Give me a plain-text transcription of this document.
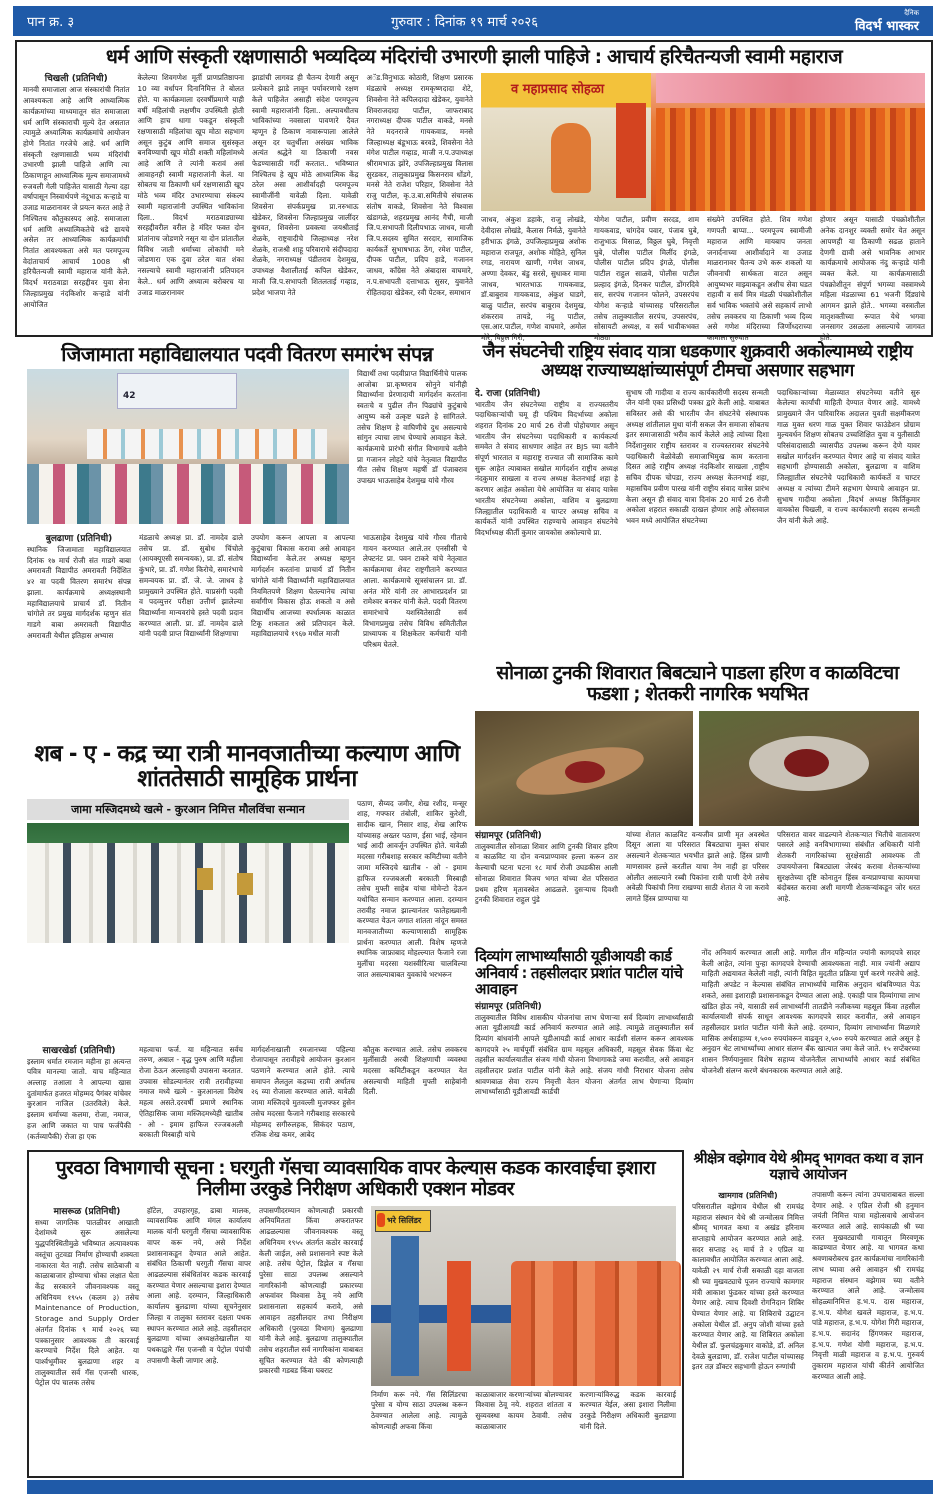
पान क्र. ३	गुरुवार : दिनांक १९ मार्च २०२६
दैनिक
विदर्भ भास्कर
धर्म आणि संस्कृती रक्षणासाठी भव्यदिव्य मंदिरांची उभारणी झाली पाहिजे : आचार्य हरिचैतन्यजी स्वामी महाराज
चिखली (प्रतिनिधी)
मानवी समाजाला आज संस्कारांची नितांत आवश्यकता आहे आणि आध्यात्मिक कार्यक्रमांच्या माध्यमातून संत समाजाला धर्म आणि संस्काराची मूल्ये देत असतात त्यामुळे अध्यात्मिक कार्यक्रमांचे आयोजन होणे नितांत गरजेचे आहे. धर्म आणि संस्कृती रक्षणासाठी भव्य मंदिरांची उभारणी झाली पाहिजे आणि त्या ठिकाणाहून आध्यात्मिक मूल्य समाजामध्ये रुजवली गेली पाहिजेत यासाठी गेल्या दहा वर्षापासून निस्वार्थपणे नंदूभाऊ कऱ्हाडे या उजाड माळरानावर जे प्रयत्न करत आहे ते निश्चितच कौतुकास्पद आहे. समाजाला धर्म आणि अध्यात्मिकतेचे धडे द्यायचे असेल तर आध्यात्मिक कार्यक्रमांची नितांत आवश्यकता असे मत परमपूज्य वेदांताचार्य आचार्य 1008 श्री हरिचैतन्यजी स्वामी महाराज यांनी केले. विदर्भ मराठवाडा सरहद्दीवर युवा सेना जिल्हाप्रमुख नंदकिशोर कऱ्हाडे यांनी आयोजित
केलेल्या शिवगणेश मूर्ती प्राणप्रतिष्ठापना 10 व्या वर्धापन दिनानिमित्त ते बोलत होते. या कार्यक्रमाला दरवर्षीप्रमाणे याही वर्षी महिलांची लक्षणीय उपस्थिती होती आणि हाच धागा पकडून संस्कृती रक्षणासाठी महिलांचा खूप मोठा सहभाग असून कुटुंब आणि समाज सुसंस्कृत बनविण्याची खूप मोठी शक्ती महिलांमध्ये आहे आणि ते त्यांनी करावं असं आवाहनही स्वामी महाराजांनी केलं. या सोबतच या ठिकाणी धर्म रक्षणासाठी खूप मोठे भव्य मंदिर उभारण्याचा संकल्प स्वामी महाराजांनी उपस्थित भाविकांना दिला.. विदर्भ मराठवाड्याच्या सरहद्दीवरील वरील हे मंदिर फक्त दोन प्रांतांनाच जोडणारे नसून या दोन प्रांतातील विविध जाती धर्माच्या लोकांची मने जोडणारा एक दुवा ठरेल यात शंका नसल्याचे स्वामी महाराजांनी प्रतिपादन केले.. धर्म आणि अध्यात्म बरोबरच या उजाड माळरानावर
झाडांची लागवड ही चैतन्य देणारी असून प्रत्येकाने झाडे लावून पर्यावरणाचे रक्षण केले पाहिजेत असाही संदेश परमपूज्य स्वामी महाराजांनी दिला.. अल्पावधीतच भाविकांच्या नवसाला पावणारे दैवत म्हणून हे ठिकाण नावारूपाला आलेले असून दर चतुर्थीला असंख्य भाविक अत्यंत श्रद्धेने या ठिकाणी नवस फेडण्यासाठी गर्दी करतात.. भविष्यात निश्चितच हे खूप मोठे आध्यात्मिक केंद्र ठरेल असा आशीर्वादही परमपूज्य स्वामीजींनी यावेळी दिला. यावेळी शिवसेना संपर्कप्रमुख प्रा.नरुभाऊ खेडेकर, शिवसेना जिल्हाप्रमुख जालींदर बुधवत, शिवसेना प्रवक्त्या जयश्रीताई शेळके, राष्ट्रवादीचे जिल्हाध्यक्ष नरेश शेळके, राजश्री शाहू परिवाराचे संदीपदादा शेळके, नगराध्यक्ष पंडीतराव देशमुख, उपाध्यक्ष वैशालीताई कपिल खेडेकर, माजी जि.प.सभापती शितलताई गव्हाड, प्रदेश भाजपा नेते
अॅड.विनुभाऊ कोठारी, शिक्षण प्रसारक मंडळाचे अध्यक्ष रामकृष्णदादा शेटे, शिवसेना नेते कपिलदादा खेडेकर, युवानेते शिवराजदादा पाटील, जाफराबाद नगराध्यक्ष दीपक पाटील वाकडे, मनसे नेते मदनराजे गायकवाड, मनसे जिल्हाध्यक्ष बंडूभाऊ बरवडे, शिवसेना नेते मंगेश पाटील गव्हाड, माजी न.प.उपाध्यक्ष श्रीरामभाऊ झोरे, उपजिल्हाप्रमुख विलास सुरडकर, तालुकाप्रमुख किसनराव धोंडगे, मनसे नेते राजेश परिहार, शिवसेना नेते राजु पाटील, कृ.उ.बा.समितीचे संचालक संतोष वाकडे, शिवसेना नेते विश्वास खंडागळे, शहरप्रमुख आनंद गैची, माजी जि.प.सभापती दिलीपभाऊ जाधव, माजी जि.प.सदस्य सुमित सरदार, सामाजिक कार्यकर्ते सुभाषभाऊ ठेंग, रमेश पाटील, दीपक पाटील, प्रदिप हाडे, गजानन जाधव, काँग्रेस नेते अंबादास वाघमारे, न.प.सभापती दत्ताभाऊ सुसर, युवानेते रोहितदादा खेडेकर, रवी पेटकर, समाधान
व महाप्रसाद सोहळा
जाधव, अंकुश डहाके, राजु लोखंडे, देवीदास लोखंडे, कैलास निर्मळे, युवानेते हरीभाऊ इंगळे, उपजिल्हाप्रमुख अशोक महाराज राजपूत, अशोक मोहिते, सुनिल रगड, नारायण खाणी, गणेश जाधव, अण्णा देवकर, बंडु सरसे, सुधाकर मामा जाधव, भारतभाऊ गायकवाड, डॉ.बाबुराव गायकवाड, अंकुश घाडगे, बाळु पाटील, सरपंच बाबुराव देशमुख, शंकरराव तायडे, नंदु पाटील, एस.आर.पाटील, गणेश वाघमारे, अमोल मोरे, विठ्ठल गिरी,
योगेश पाटील, प्रवीण सरदड, शाम गायकवाड, चांगदेव पवार, पंजाब घुबे, राजुभाऊ मिसाळ, विठ्ठल घुबे, निवृत्ती घुबे, पोलीस पाटील मिलींद इंगळे, पोलीस पाटील प्रदिप इंगळे, पोलीस पाटील राहुल साळवे, पोलीस पाटील प्रल्हाद इंगळे, दिनकर पाटील, डोंगरदिवे सर, सरपंच गजानन फोलने, उपसरपंच योगेश कऱ्हाडे यांच्यासह परिसरातील तसेच तालुक्यातील सरपंच, उपसरपंच, सोसायटी अध्यक्ष, व सर्व भावीकभक्त मोठ्या
संख्येने उपस्थित होते. शिव गणेश गणपती बाप्पा... परमपूज्य स्वामीजी महाराज आणि मायबाप जनता जनार्दनाच्या आशीर्वादाने या उजाड माळरानावर चैतन्य उभे करू शकलो या जीवनाची सार्थकता वाटत असून आयुष्यभर माझ्याकडून अशीच सेवा घडत राहावी व सर्व मित्र मंडळी पंचक्रोशीतील सर्व भाविक भक्तांचे असे सहकार्य लाभो तसेच लवकरच या ठिकाणी भव्य दिव्य असे गणेश मंदिराच्या जिर्णोध्दराच्या कामाला सुरुवात
होणार असून यासाठी पंचक्रोशीतील अनेक दानशुर व्यक्ती समोर येत असून आपणही या ठिकाणी सढळ हाताने देणगी द्यावी असे भावनिक आभार कार्यक्रमाचे आयोजक नंदु कऱ्हाडे यांनी व्यक्त केले. या कार्यक्रमासाठी पंचक्रोशीतून संपूर्ण भगव्या वस्त्रामध्ये महिला मंडळाच्या 61 भजनी दिंड्यांचे आगमन झाले होते.. भगव्या वस्त्रातील मातृशक्तीच्या रूपात येथे भगवा जनसागर उसळला असल्याचे जागवत होते.
जिजामाता महाविद्यालयात पदवी वितरण समारंभ संपन्न
42
विद्यार्थी तथा पदवीप्राप्त विद्यार्थिनीचे पालक आजोबा प्रा.कृष्णराव सोनुने यांनीही विद्यार्थ्यांना प्रेरणादायी मार्गदर्शन करतांना स्वतःचे व पुढील तीन पिढ्यांचे कुटुंबाचे आयुष्य कसे उत्कृष्ट घडले हे सांगितले. तसेच शिक्षण हे वाघिणीचे दुध असल्याचे सांगुन त्याचा लाभ घेण्याचे आवाहन केले. कार्यक्रमाचे प्रारंभी संगीत विभागाचे वतीने प्रा गजानन लोहटे यांचे नेतृत्वात विद्यापीठ गीत तसेच शिक्षण महर्षी डॉ पंजाबराव उपाख्य भाऊसाहेब देशमुख यांचे गौरव
बुलढाणा (प्रतिनिधी)
स्थानिक जिजामाता महाविद्यालयात दिनांक १७ मार्च रोजी संत गाडगे बाबा अमरावती विद्यापीठ अमरावती निर्देशित ४२ वा पदवी वितरण समारंभ संपन्न झाला. कार्यक्रमाचे अध्यक्षस्थानी महाविद्यालयाचे प्राचार्य डॉ. नितीन चांगोले तर प्रमुख मार्गदर्शक म्हणुन संत गाडगे बाबा अमरावती विद्यापीठ अमरावती येथील इतिहास अभ्यास
मंडळाचे अध्यक्ष प्रा. डॉ. नामदेव ढाले तसेच प्रा. डॉ. सुबोध चिंचोले (आयक्यूएसी समन्वयक), प्रा. डॉ. संतोष कुंभारे, प्रा. डॉ. गणेश किरोचे, समारंभाचे समन्वयक प्रा. डॉ. जे. जे. जाधव हे प्रामुख्याने उपस्थित होते. याप्रसंगी पदवी व पदव्युत्तर परीक्षा उत्तीर्ण झालेल्या विद्यार्थ्यांना मान्यवरांचे हस्ते पदवी प्रदान करण्यात आली. प्रा. डॉ. नामदेव ढाले यांनी पदवी प्राप्त विद्यार्थ्यांनी शिक्षणाचा
उपयोग करून आपला व आपल्या कुटुंबाचा विकास करावा असे आवाहन विद्यार्थ्यांना केले.तर अध्यक्ष म्हणुन मार्गदर्शन करतांना प्राचार्य डॉ नितीन चांगोले यांनी विद्यार्थ्यांनी महाविद्यालयात नियमितपणे शिक्षण घेतल्यानेच त्यांचा सर्वांगीण विकास होऊ शकतो व असे विद्यार्थीच आजच्या स्पर्धात्मक काळात टिकू शकतात असे प्रतिपादन केले. महाविद्यालयाचे १९६७ मधील माजी
भाऊसाहेब देशमुख यांचे गौरव गीताचे गायन करण्यात आले.तर एनसीसी चे लेफ्टनंट प्रा. पवन टाकरे यांचे नेतृत्वात कार्यक्रमाचा शेवट राष्ट्रगीताने करण्यात आला. कार्यक्रमाचे सूत्रसंचालन प्रा. डॉ. अनंत मोरे यांनी तर आभारप्रदर्शन प्रा रामेश्वर बनकर यांनी केले. पदवी वितरण समारंभाचे यशस्वितेसाठी सर्व विभागप्रमुख तसेच विविध समितीतील प्राध्यापक व शिक्षकेतर कर्मचारी यांनी परिश्रम घेतले.
जैन संघटनेची राष्ट्रिय संवाद यात्रा धडकणार शुक्रवारी अकोल्यामध्ये राष्ट्रीय अध्यक्ष राज्याध्यक्षांच्यासंपूर्ण टीमचा असणार सहभाग
दे. राजा (प्रतिनिधी)
भारतीय जैन संघटनेच्या राष्ट्रीय व राज्यस्तरीय पदाधिकाऱ्यांची चमू ही पश्चिम विदर्भाच्या अकोला शहरात दिनांक 20 मार्च 26 रोजी पोहोचणार असून भारतीय जैन संघटनेच्या पदाधिकारी व कार्यकर्त्या समवेत ते संवाद साधणार आहेत तर BJS च्या वतीने संपूर्ण भारतात व महाराष्ट्र राज्यात जी सामाजिक कामे सुरू आहेत त्याबाबत सखोल मार्गदर्शन राष्ट्रीय अध्यक्ष नंदकुमार साखला व राज्य अध्यक्ष केतनभाई शहा हे करणार आहेत अकोला येथे आयोजित या संवाद यात्रेस भारतीय संघटनेच्या अकोला, वाशिम व बुलढाणा जिल्ह्यातील पदाधिकारी व चाप्टर अध्यक्ष सचिव व कार्यकर्ते यांनी उपस्थित राहण्याचे आवाहन संघटनेचे विदर्भाध्यक्ष कीर्ती कुमार जायकोस अकोल्याचे प्रा.
सुभाष जी गादीया व राज्य कार्यकारीणी सदस्य सन्मती जैन यांनी एका प्रसिध्दी पत्रका द्वारे केली आहे. याबाबत सविस्तर असे की भारतीय जैन संघटनेचे संस्थापक अध्यक्ष शांतीलाल मुथा यांनी सकल जैन समाजा सोबतच इतर समाजासाठी भरीव कार्य केलेले आहे त्यांच्या दिशा निर्देशानुसार राष्ट्रीय स्तरावर व राज्यस्तरावर संघटनेचे पदाधिकारी वेळोवेळी समाजाभिमुख काम करताना दिसत आहे राष्ट्रीय अध्यक्ष नंदकिशोर साखला ,राष्ट्रीय सचिव दीपक चोपडा, राज्य अध्यक्ष केतनभाई शहा, महासचिव प्रवीण पारख यांनी राष्ट्रीय संवाद यात्रेस प्रारंभ केला असून ही संवाद यात्रा दिनांक 20 मार्च 26 रोजी अकोला शहरात सकाळी दाखल होणार आहे ओस्तवाल भवन मध्ये आयोजित संघटनेच्या
पदाधिकाऱ्यांच्या मेळाव्यात संघटनेच्या वतीने सुरु केलेल्या कार्यांची माहिती देण्यात येणार आहे. यामध्ये प्रामुख्याने जैन पारिवारिक अदालत युवती सक्षमीकरण गाळ मुक्त धरण गाळ युक्त शिवार फाउंडेशन प्रोग्राम मुल्यवर्धन शिक्षण सोबतच उच्चशिक्षित युवा व युतीसाठी परिसंवादासाठी व्यासपीठ उपलब्ध करून देणे यावर सखोल मार्गदर्शन करण्यात येणार आहे या संवाद यात्रेत सहभागी होण्यासाठी अकोला, बुलढाणा व वाशिम जिल्ह्यातील संघटनेचे पदाधिकारी कार्यकर्ते व चाप्टर अध्यक्ष व त्यांच्या टीमने सहभाग घेण्याचे आवाहन प्रा. सुभाष गादीया अकोला ,विदर्भ अध्यक्ष किर्तिकुमार वायकोस चिखली, व राज्य कार्यकारणी सदस्य सन्मती जैन यांनी केले आहे.
सोनाळा टुनकी शिवारात बिबट्याने पाडला हरिण व काळविटचा फडशा ; शेतकरी नागरिक भयभित
संग्रामपूर (प्रतिनिधी)
तालुक्यातील सोनाळा शिवार आणि टुनकी शिवार हरिण व काळविट या दोन वन्यप्राण्यावर हल्ला करून ठार केल्याची घटना घटना १८ मार्च रोजी उघडकीस आली सोनाळा शिवारात विजय भगत यांच्या शेत परिसरात प्रथम हरिण मृतावस्थेत आढळले. दुसऱ्याच दिवशी टुनकी शिवारात राहुल पुंडे
यांच्या शेतात काळविट वन्यजीव प्राणी मृत अवस्थेत दिसून आला या परिसरात बिबट्याचा मुक्त संचार असल्याने शेतकऱ्यात भयभीत झाले आहे. हिंस्त्र प्राणी माणसावर हल्ले करतील याचा नेम नाही हा परिसर ओलीत असल्याने रब्बी पिकांना रात्री पाणी देणे तसेच अवेळी पिकांची निगा राखण्या साठी शेतात ये जा करावे लागते हिंस्त्र प्राण्याचा या
परिसरात वावर वाढल्याने शेतकऱ्यात भितीचे वातावरण पसरले आहे वनविभागाच्या संबंधीत अधिकारी यांनी शेतकरी नागरिकांच्या सुरक्षेसाठी आवश्यक ती उपाययोजना बिबट्याला जेरबंद करावा शेतकऱ्यांच्या सुरक्षतेच्या दृष्टि कोनातुन हिंस्त्र वन्यप्राण्याचा कायमचा बंदोबस्त करावा अशी मागणी शेतकऱ्यांकडून जोर धरत आहे.
शब - ए - कद्र च्या रात्री मानवजातीच्या कल्याण आणि शांततेसाठी सामूहिक प्रार्थना
जामा मस्जिदमध्ये खत्मे - कुरआन निमित्त मौलविंचा सन्मान	पठाण, सैय्यद जमीर, शेख रशीद, मन्सूर शाह, गफ्फार तंबोली, शाकिर कुरेशी, सादीक खान, निसार शाह, शेख आरिफ यांच्यासह अख्तर पठाण, ईसा भाई, रहेमान भाई आदी आवर्जून उपस्थित होते. यावेळी मदरसा गरीबशाह सरकार कमिटीच्या वतीने जामा मस्जिदचे खातीब - ओ - इमाम हाफिज रज्जबअली बरकाती मिस्बाही तसेच मुफ्ती साहेब यांचा मोमेन्टो देऊन यथोचित सन्मान करण्यात आला. दरम्यान तरावीह नमाज झाल्यानंतर फातेहाख्वानी करण्यात येऊन जगात शांतता नांदून समस्त मानवजातीच्या कल्याणासाठी सामूहिक प्रार्थना करण्यात आली. विशेष म्हणजे स्थानिक जाफ्राबाद मोहल्ल्यात फैजाने रजा मुलींचा मदरसा यशस्वीरित्या चालविल्या जात असल्याबाबत युवकांचे भरभरून
साखरखेर्डा (प्रतिनिधी)
इस्लाम धर्मात रमजान महीना हा अत्यन्त पवित्र मानल्या जातो. याच महिन्यात अल्लाह तआला ने आपल्या खास दुतांमार्फत हजरत मोहम्मद पैगंबर यांचेवर कुरआन नाजिल (उतरविले) केले. इस्लाम धर्माच्या कलमा, रोजा, नमाज, हज आणि जकात या पाच फर्जपैकी (कर्तव्यापैकी) रोजा हा एक
महत्वाचा फर्ज. या महिन्यात सर्वच तरुण, अबाल - वृद्ध पुरुष आणि महीला रोजा ठेऊन अल्लाहची उपासना करतात. उपवास सोडल्यानंतर रात्री तरावीहच्या नमाज मध्ये खत्मे - कुरआनला विशेष महत्व असते.दरवर्षी प्रमाणे स्थानिक ऐतिहासिक जामा मस्जिदमध्येही खातीब - ओ - इमाम हाफिज रज्जबअली बरकाती मिस्बाही यांचे
मार्गदर्शनाखाली रमजानच्या पहिल्या रोजापासून तरावीहचे आयोजन कुरआन पठणाने करण्यात आले होते. त्याचे समापन लैलतुल कद्रच्या रात्री अर्थातच २६ व्या रोजाला करण्यात आले. यावेळी जामा मस्जिदचे मुतवल्ली मुजफ्फर हुसेन तसेच मदरसा फैजाने गरीबशाह सरकारचे मोहम्मद सगीरुलहक, सिकंदर पठाण, रजिक शेख कमर, आबेद
कौतुक करण्यात आले. तसेच लवकरच मुलींसाठी अरबी शिक्षणाची व्यवस्था मदरसा कमिटीकडून करण्यात येत असल्याची माहिती मुफ्ती साहेबांनी दिली.
दिव्यांग लाभार्थ्यांसाठी यूडीआयडी कार्ड अनिवार्य : तहसीलदार प्रशांत पाटील यांचे आवाहन
संग्रामपूर (प्रतिनिधी)
तालुक्यातील विविध शासकीय योजनांचा लाभ घेणाऱ्या सर्व दिव्यांग लाभार्थ्यांसाठी आता यूडीआयडी कार्ड अनिवार्य करण्यात आले आहे. त्यामुळे तालुक्यातील सर्व दिव्यांग बांधवांनी आपले यूडीआयडी कार्ड आधार कार्डशी संलग्न करून आवश्यक कागदपत्रे २५ मार्चपूर्वी संबंधित ग्राम महसूल अधिकारी, महसूल सेवक किंवा थेट तहसील कार्यालयातील संजय गांधी योजना विभागाकडे जमा करावीत, असे आवाहन तहसीलदार प्रशांत पाटील यांनी केले आहे. संजय गांधी निराधार योजना तसेच श्रावणबाळ सेवा राज्य निवृत्ती वेतन योजना अंतर्गत लाभ घेणाऱ्या दिव्यांग लाभार्थ्यांसाठी यूडीआयडी कार्डची
नोंद अनिवार्य करण्यात आली आहे. मागील तीन महिन्यांत ज्यांनी कागदपत्रे सादर केली आहेत, त्यांना पुन्हा कागदपत्रे देण्याची आवश्यकता नाही. मात्र ज्यांनी अद्याप माहिती अद्ययावत केलेली नाही, त्यांनी विहित मुदतीत प्रक्रिया पूर्ण करणे गरजेचे आहे. माहिती अपडेट न केल्यास संबंधित लाभार्थ्यांचे मासिक अनुदान थांबविण्यात येऊ शकते, असा इशाराही प्रशासनाकडून देण्यात आला आहे. एकाही पात्र दिव्यांगाचा लाभ खंडित होऊ नये, यासाठी सर्व लाभार्थ्यांनी तातडीने नजीकच्या महसूल किंवा तहसील कार्यालयाशी संपर्क साधून आवश्यक कागदपत्रे सादर करावीत, असे आवाहन तहसीलदार प्रशांत पाटील यांनी केले आहे. दरम्यान, दिव्यांग लाभार्थ्यांना मिळणारे मासिक अर्थसाहाय्य १,५०० रुपयांवरून वाढवून २,५०० रुपये करण्यात आले असून हे अनुदान थेट लाभार्थ्यांच्या आधार संलग्न बँक खात्यात जमा केले जाते. १५ सप्टेंबरच्या शासन निर्णयानुसार विशेष सहाय्य योजनेतील लाभार्थ्यांचे आधार कार्ड संबंधित योजनेशी संलग्न करणे बंधनकारक करण्यात आले आहे.
पुरवठा विभागाची सूचना : घरगुती गॅसचा व्यावसायिक वापर केल्यास कडक कारवाईचा इशारा निलीमा उरकुडे निरीक्षण अधिकारी एक्शन मोडवर
मासरूळ (प्रतिनिधी)
सध्या जागतिक पातळीवर आखाती देशांमध्ये सुरू असलेल्या युद्धपरिस्थितीमुळे भविष्यात अत्यावश्यक वस्तूंचा तुटवडा निर्माण होण्याची शक्यता नाकारता येत नाही. तसेच साठेबाजी व काळाबाजार होण्याचा धोका लक्षात घेता केंद्र सरकारने जीवनावश्यक वस्तू अधिनियम १९५५ (कलम ३) तसेच Maintenance of Production, Storage and Supply Order अंतर्गत दिनांक ९ मार्च २०२६ च्या पत्रकानुसार आवश्यक ती कारवाई करण्याचे निर्देश दिले आहेत. या पार्श्वभूमीवर बुलढाणा शहर व तालुक्यातील सर्व गॅस एजन्सी धारक, पेट्रोल पंप चालक तसेच
हॉटेल, उपहारगृह, ढाबा मालक, व्यावसायिक आणि मंगल कार्यालय मालक यांनी घरगुती गॅसचा व्यावसायिक वापर करू नये, असे निर्देश प्रशासनाकडून देण्यात आले आहेत. संबंधित ठिकाणी घरगुती गॅसचा वापर आढळल्यास संबंधितांवर कडक कारवाई करण्यात येणार असल्याचा इशारा देण्यात आला आहे. दरम्यान, जिल्हाधिकारी कार्यालय बुलढाणा यांच्या सूचनेनुसार जिल्हा व तालुका स्तरावर दक्षता पथक स्थापन करण्यात आले आहे. तहसीलदार बुलढाणा यांच्या अध्यक्षतेखालील या पथकाद्वारे गॅस एजन्सी व पेट्रोल पंपांची तपासणी केली जाणार आहे.
तपासणीदरम्यान कोणत्याही प्रकारची अनियमितता किंवा अफरातफर आढळल्यास जीवनावश्यक वस्तू अधिनियम १९५५ अंतर्गत कठोर कारवाई केली जाईल, असे प्रशासनाने स्पष्ट केले आहे. तसेच पेट्रोल, डिझेल व गॅसचा पुरेसा साठा उपलब्ध असल्याने नागरिकांनी कोणत्याही प्रकारच्या अफवांवर विश्वास ठेवू नये आणि प्रशासनाला सहकार्य करावे, असे आवाहन तहसीलदार तथा निरीक्षण अधिकारी (पुरवठा विभाग) बुलढाणा यांनी केले आहे. बुलढाणा तालुक्यातील तसेच शहरातील सर्व नागरिकांना याबाबत सूचित करण्यात येते की कोणत्याही प्रकारची गडबड किंवा घबराट
भरे सिलिंडर
निर्माण करू नये. गॅस सिलिंडरचा पुरेसा व योग्य साठा उपलब्ध करून ठेवण्यात आलेला आहे. त्यामुळे कोणत्याही अफवा किंवा
काळाबाजार करणाऱ्यांच्या बोलण्यावर विश्वास ठेवू नये. शहरात शांतता व सुव्यवस्था कायम ठेवावी. तसेच काळाबाजार
करणाऱ्यांविरुद्ध कडक कारवाई करण्यात येईल, असा इशारा निलीमा उरकुडे निरीक्षण अधिकारी बुलडाणा यांनी दिले.
श्रीक्षेत्र वझेगाव येथे श्रीमद् भागवत कथा व ज्ञान यज्ञाचे आयोजन
खामगाव (प्रतिनिधी)
परिसरातील वझेगाव येथील श्री रामचंद्र महाराज संस्थान येथे श्री जन्मोत्सव निमित्त श्रीमद् भागवत कथा व अखंड हरिनाम सप्ताहाचे आयोजन करण्यात आले आहे. सदर सप्ताह २६ मार्च ते २ एप्रिल या कालावधीत आयोजित करण्यात आला आहे. यावेळी २९ मार्च रोजी सकाळी दहा वाजता श्री च्या मुखवट्याचे पूजन राज्याचे कामगार मंत्री आकाश फुंडकर यांच्या हस्ते करण्यात येणार आहे. त्याच दिवशी रोगनिदान शिबिर घेण्यात येणार आहे. या शिबिराचे उद्घाटन अकोला येथील डॉ. अनुप जोशी यांच्या हस्ते करण्यात येणार आहे. या शिबिरात अकोला येथील डॉ. फुलचंद्रकुमार वाकोडे, डॉ. अनिल देवळे बुलडाणा, डॉ. राजेश पाटील यांच्यासह इतर तज्ञ डॉक्टर सहभागी होऊन रुग्णांची
तपासणी करून त्यांना उपचाराबाबत सल्ला देणार आहे. २ एप्रिल रोजी श्री हनुमान जयंती निमित्त यात्रा महोत्सवाचे आयोजन करण्यात आले आहे. सायंकाळी श्री च्या रजत मुखवट्याची गावातून मिरवणूक काढण्यात येणार आहे. या भागवत कथा श्रवणाबरोबरच इतर कार्यक्रमांचा नागरिकांनी लाभ घ्यावा असे आवाहन श्री रामचंद्र महाराज संस्थान वझेगाव च्या वतीने करण्यात आले आहे. जन्मोत्सव सोहळ्यानिमित्त ह.भ.प. दास महाराज, ह.भ.प. योगेश खवले महाराज, ह.भ.प. पांडे महाराज, ह.भ.प. योगेश गिरी महाराज, ह.भ.प. सदानंद हिंगणकर महाराज, ह.भ.प. गणेश योगी महाराज, ह.भ.प. निवृत्ती माळी महाराज व ह.भ.प. गुरुवर्य तुकाराम महाराज यांची कीर्तने आयोजित करण्यात आली आहे.
